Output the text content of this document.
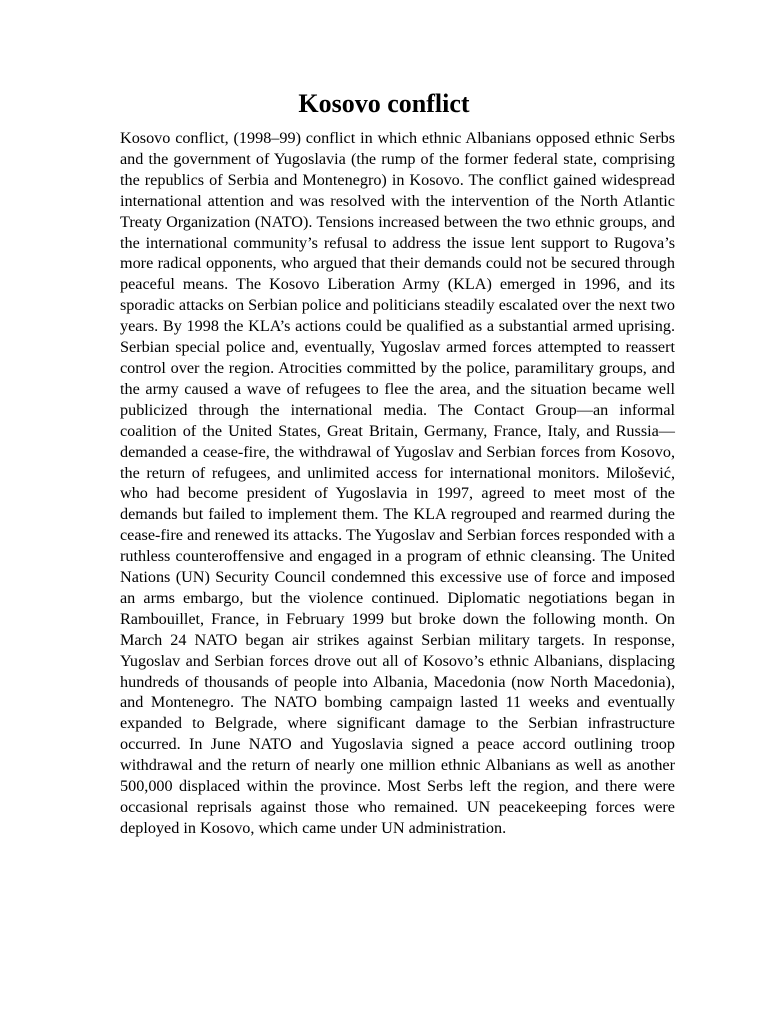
Kosovo conflict

Kosovo conflict, (1998–99) conflict in which ethnic Albanians opposed ethnic Serbs and the government of Yugoslavia (the rump of the former federal state, comprising the republics of Serbia and Montenegro) in Kosovo. The conflict gained widespread international attention and was resolved with the intervention of the North Atlantic Treaty Organization (NATO). Tensions increased between the two ethnic groups, and the international community’s refusal to address the issue lent support to Rugova’s more radical opponents, who argued that their demands could not be secured through peaceful means. The Kosovo Liberation Army (KLA) emerged in 1996, and its sporadic attacks on Serbian police and politicians steadily escalated over the next two years. By 1998 the KLA’s actions could be qualified as a substantial armed uprising. Serbian special police and, eventually, Yugoslav armed forces attempted to reassert control over the region. Atrocities committed by the police, paramilitary groups, and the army caused a wave of refugees to flee the area, and the situation became well publicized through the international media. The Contact Group—an informal coalition of the United States, Great Britain, Germany, France, Italy, and Russia—demanded a cease-fire, the withdrawal of Yugoslav and Serbian forces from Kosovo, the return of refugees, and unlimited access for international monitors. Milošević, who had become president of Yugoslavia in 1997, agreed to meet most of the demands but failed to implement them. The KLA regrouped and rearmed during the cease-fire and renewed its attacks. The Yugoslav and Serbian forces responded with a ruthless counteroffensive and engaged in a program of ethnic cleansing. The United Nations (UN) Security Council condemned this excessive use of force and imposed an arms embargo, but the violence continued. Diplomatic negotiations began in Rambouillet, France, in February 1999 but broke down the following month. On March 24 NATO began air strikes against Serbian military targets. In response, Yugoslav and Serbian forces drove out all of Kosovo’s ethnic Albanians, displacing hundreds of thousands of people into Albania, Macedonia (now North Macedonia), and Montenegro. The NATO bombing campaign lasted 11 weeks and eventually expanded to Belgrade, where significant damage to the Serbian infrastructure occurred. In June NATO and Yugoslavia signed a peace accord outlining troop withdrawal and the return of nearly one million ethnic Albanians as well as another 500,000 displaced within the province. Most Serbs left the region, and there were occasional reprisals against those who remained. UN peacekeeping forces were deployed in Kosovo, which came under UN administration.
